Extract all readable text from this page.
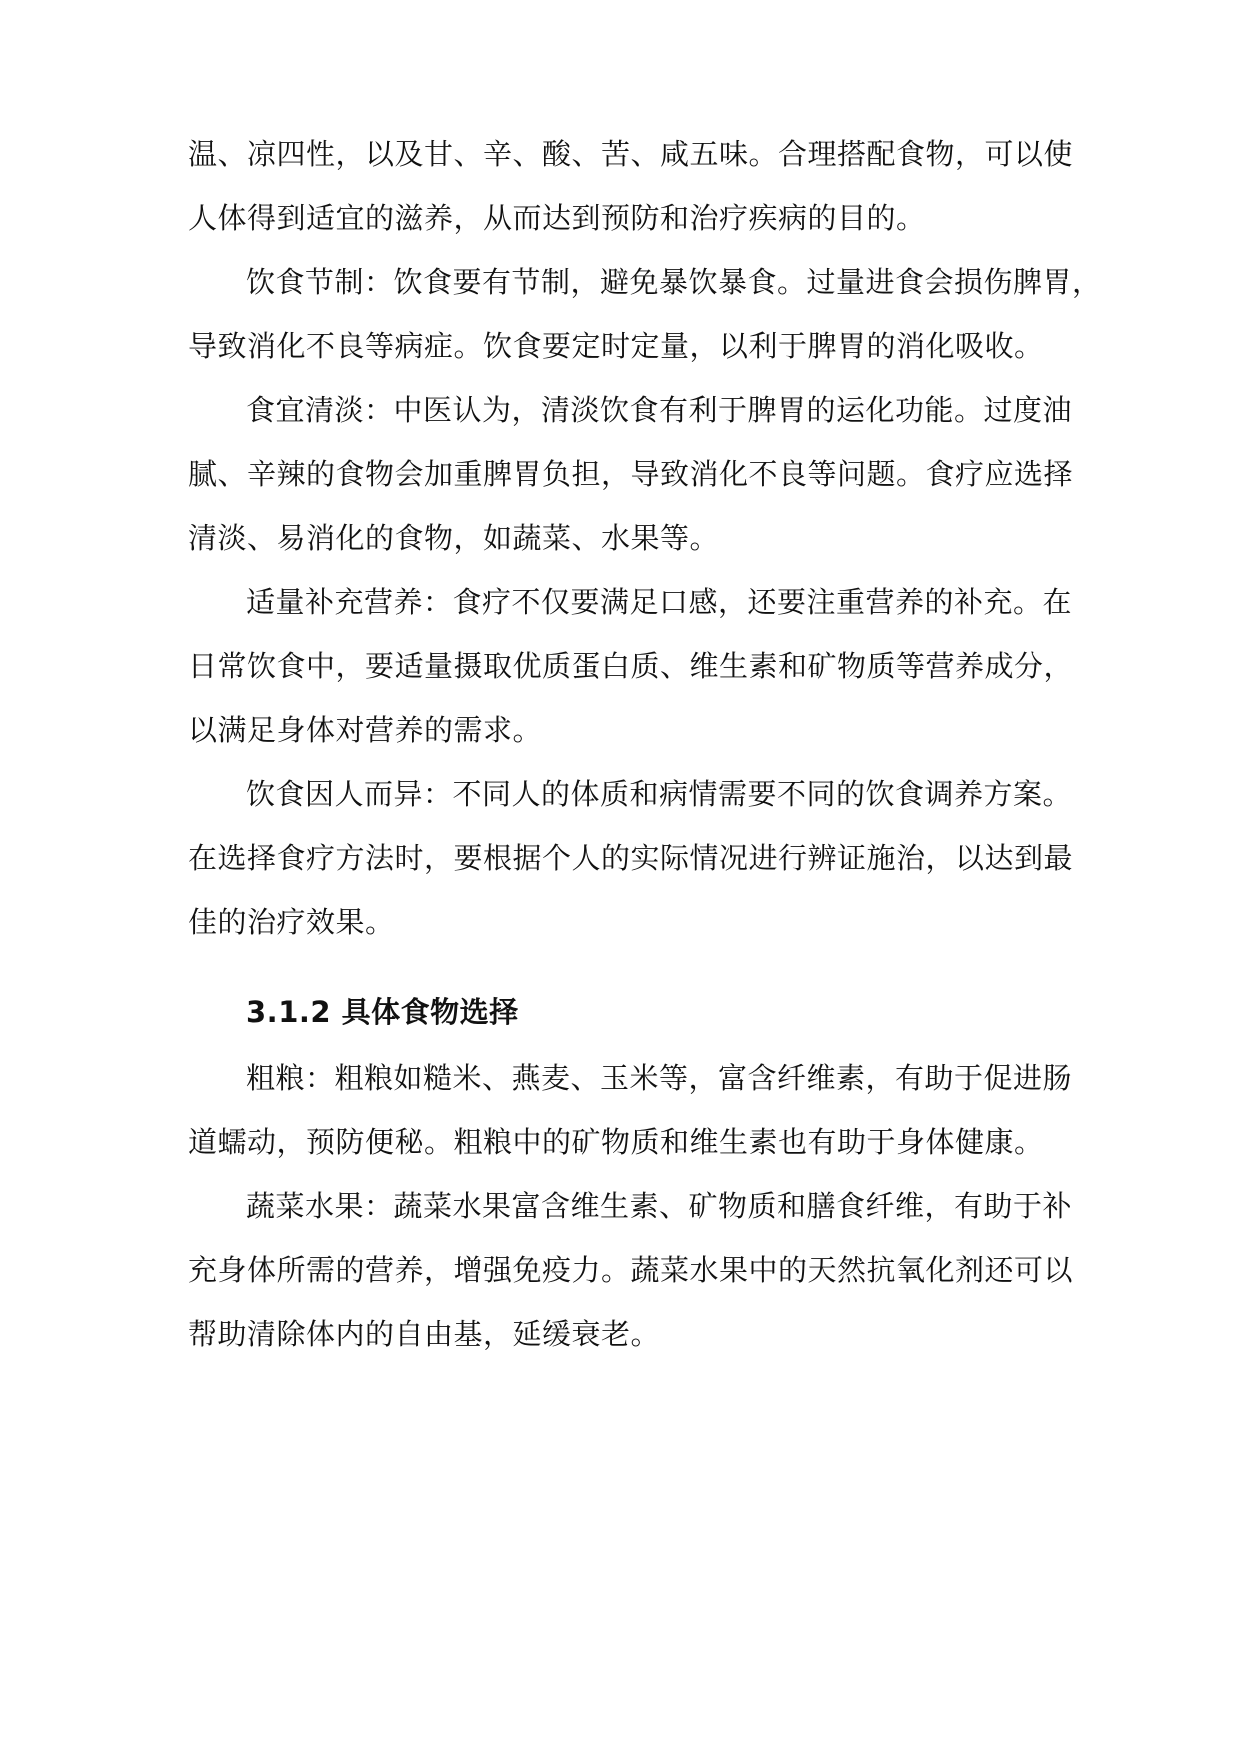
温、凉四性，以及甘、辛、酸、苦、咸五味。合理搭配食物，可以使
人体得到适宜的滋养，从而达到预防和治疗疾病的目的。
饮食节制：饮食要有节制，避免暴饮暴食。过量进食会损伤脾胃，
导致消化不良等病症。饮食要定时定量，以利于脾胃的消化吸收。
食宜清淡：中医认为，清淡饮食有利于脾胃的运化功能。过度油
腻、辛辣的食物会加重脾胃负担，导致消化不良等问题。食疗应选择
清淡、易消化的食物，如蔬菜、水果等。
适量补充营养：食疗不仅要满足口感，还要注重营养的补充。在
日常饮食中，要适量摄取优质蛋白质、维生素和矿物质等营养成分，
以满足身体对营养的需求。
饮食因人而异：不同人的体质和病情需要不同的饮食调养方案。
在选择食疗方法时，要根据个人的实际情况进行辨证施治，以达到最
佳的治疗效果。
3.1.2 具体食物选择
粗粮：粗粮如糙米、燕麦、玉米等，富含纤维素，有助于促进肠
道蠕动，预防便秘。粗粮中的矿物质和维生素也有助于身体健康。
蔬菜水果：蔬菜水果富含维生素、矿物质和膳食纤维，有助于补
充身体所需的营养，增强免疫力。蔬菜水果中的天然抗氧化剂还可以
帮助清除体内的自由基，延缓衰老。
